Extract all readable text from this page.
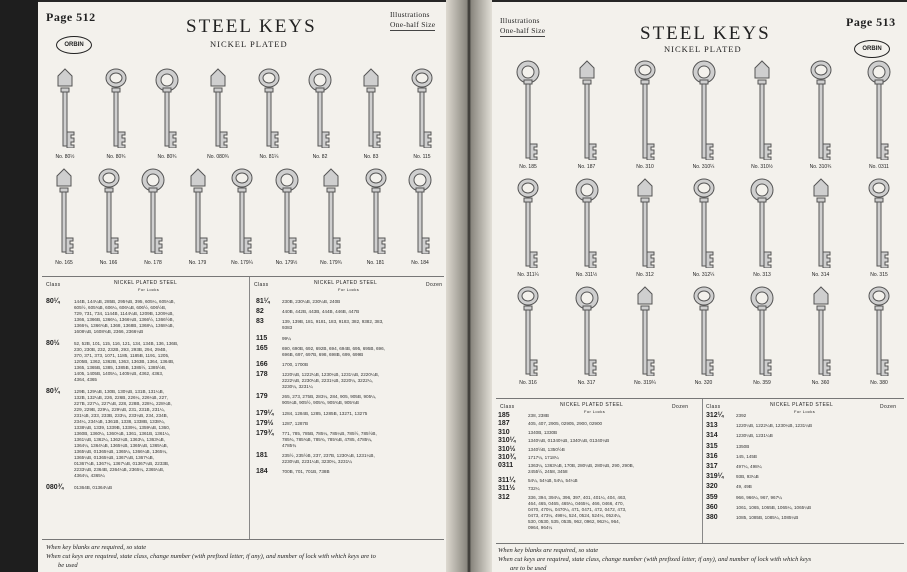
Page 512
ORBIN
STEEL KEYS
NICKEL PLATED
Illustrations
One-half Size
No. 80½	No. 80¾	No. 80¾	No. 080¾	No. 81¼	No. 82	No. 83	No. 115
No. 165	No. 166	No. 178	No. 179	No. 179¼	No. 179½	No. 179¾	No. 181	No. 184
Class	NICKEL PLATED STEEL
For Locks
Class	NICKEL PLATED STEEL
For Locks
Dozen
80¼	144B, 144¼B, 285B, 295¾B, 395, 605¼, 605¼B,
605½, 605¾B, 606¼, 606¼B, 606½, 606½B,
729, 731, 734, 1144B, 1144¼B, 1209B, 1209¼B,
1366, 1366B, 1366¼, 1366¼B, 1366½, 1366½B,
1366¾, 1366¾B, 1368, 1368B, 1368¼, 1368¼B,
1608¼B, 1608¾B, 2366, 2366¼B
80½	52, 52B, 101, 115, 116, 121, 134, 134B, 136, 136B,
230, 230B, 232, 232B, 293, 293B, 294, 294B,
370, 371, 373, 1071, 1185, 1185B, 1191, 1205,
1205B, 1362, 1362B, 1363, 1363B, 1364, 1364B,
1365, 1365B, 1385, 1385B, 1385½, 1385½B,
1405, 1405B, 1405¼, 1405¼B, 4362, 4363,
4364, 4365
80¾	129B, 129¼B, 130B, 130¼B, 131B, 131¼B,
132B, 132¼B, 226, 226B, 226¼, 226¼B, 227,
227B, 227¼, 227¼B, 228, 228B, 228¼, 228¼B,
229, 229B, 229¼, 229¼B, 231, 231B, 231¼,
231¼B, 233, 233B, 233¼, 233¼B, 234, 234B,
234¼, 234¼B, 1361B, 1338, 1338B, 1338¼,
1338¼B, 1339, 1339B, 1339¼, 1359¼B, 1360,
1360B, 1360¼, 1360¼B, 1361, 1361B, 1361¼,
1361¼B, 1362¼, 1362¼B, 1363¼, 1363¼B,
1364¼, 1364¼B, 1365¼B, 1365¼B, 1365¼B,
1365¼B, 01365¼B, 1365¼, 1366¼B, 1365¼,
1365¼B, 01365¼B, 1367¼B, 1367¼B,
01367¼B, 1367¼, 1367¼B, 01367¼B, 2233B,
2233¼B, 2364B, 2364¼B, 2365¼, 2365¼B,
4364¼, 4365¼
080¾ 01364B, 01364¼B
81¼	230B, 230¼B, 230¼B, 240B
82	440B, 442B, 443B, 444B, 446B, 447B
83	139, 139B, 181, 9181, 183, 9183, 382, 9382, 383,
9383
115	99¼
165	690, 690B, 692, 692B, 694, 694B, 695, 695B, 696,
696B, 697, 697B, 698, 698B, 699, 699B
166	1700, 1700B
178	1220¼B, 1222¼B, 1230¼B, 1231¼B, 2220¼B,
2222¼B, 2230¼B, 2231¼B, 3220¼, 3222¼,
3230¼, 3231¼
179	265, 273, 275B, 283¼, 284, 905, 905B, 905¼,
905¼B, 905½, 905¾, 905¾B, 905¾B
179¼ 1284, 1284B, 1285, 1285B, 13271, 13275
179½ 1287, 1287B
179¾ 771, 785, 785B, 785¼, 785¼B, 785½, 785½B,
785¾, 785¾B, 785¾, 785¾B, 4785, 4785¼,
4785¾
181	235½, 235½B, 237, 237B, 1230¼B, 1231¼B,
2230¼B, 2231¼B, 3230¼, 3231¼
184	700B, 701, 701B, 738B
When key blanks are required, so state
When cut keys are required, state class, change number (with prefixed letter, if any), and number of lock with which keys are to
be used
Illustrations
One-half Size	STEEL KEYS
NICKEL PLATED
Page 513
ORBIN
No. 185	No. 187	No. 310	No. 310¼	No. 310½	No. 310¾	No. 0311
No. 311¼	No. 311½	No. 312	No. 312¼	No. 313	No. 314	No. 315
No. 316	No. 317	No. 319¼	No. 320	No. 359	No. 360	No. 380
Class	NICKEL PLATED STEEL
For Locks
Dozen	Class	NICKEL PLATED STEEL
For Locks
Dozen
185	238, 238B
187	405, 407, 2905, 02905, 2900, 02900
310	1340B, 1330B
310¼	1340¼B, 01340¼B, 1340¼B, 01340¼B
310½	1340½B, 1350½B
310¾	1717¼, 1718¼
0311	1363¼, 1363¼B, 170B, 280¼B, 280¼B, 290, 290B,
2455½, 2458, 3458
311¼	54¼, 54¼B, 54¼, 54¼B
311½	732¼
312	336, 394, 394¼, 396, 397, 401, 401¼, 404, 463,
464, 465, 0465, 465¼, 0465¼, 466, 0466, 470,
0470, 470¼, 0470¼, 471, 0471, 472, 0472, 473,
0473, 473¼, 498¼, 524, 0524, 524¼, 0524¼,
530, 0530, 535, 0535, 962, 0962, 962¼, 964,
0964, 964¼
312¼	2392
313	1220¼B, 1222¼B, 1230¼B, 1231¼B
314	1230¼B, 1231¼B
315	1350B
316	145, 145B
317	497¼, 498¼
319¼	93B, 93¼B
320	49, 49B
359	966, 966¼, 967, 967¼
360	1061, 1065, 1065B, 1065¼, 1065¼B
380	1085, 1085B, 1085¼, 1085¼B
When key blanks are required, so state
When cut keys are required, state class, change number (with prefixed letter, if any), and number of lock with which keys
are to be used
